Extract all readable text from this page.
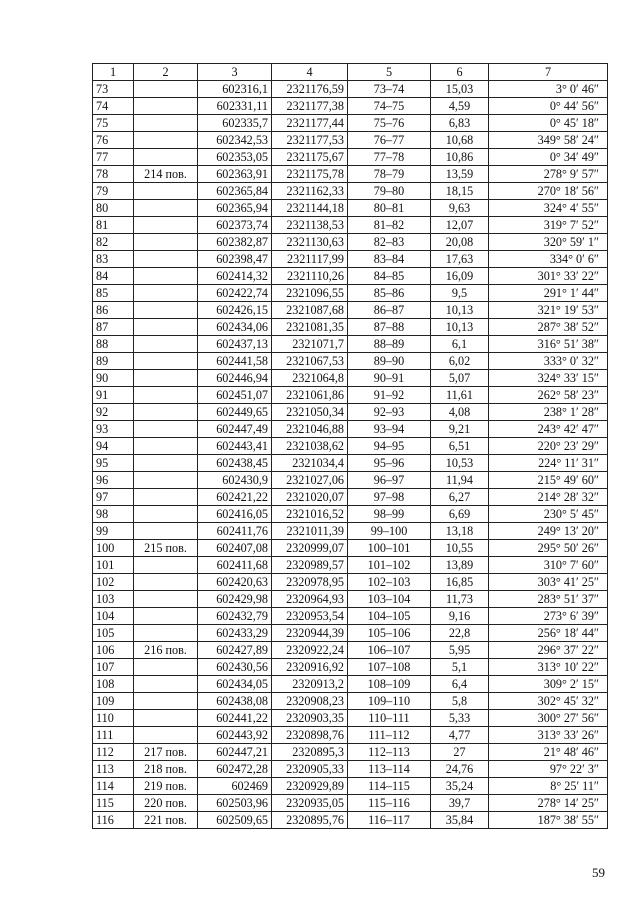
1	2	3	4	5	6	7
73		602316,1	2321176,59	73–74	15,03	3° 0′ 46″
74		602331,11	2321177,38	74–75	4,59	0° 44′ 56″
75		602335,7	2321177,44	75–76	6,83	0° 45′ 18″
76		602342,53	2321177,53	76–77	10,68	349° 58′ 24″
77		602353,05	2321175,67	77–78	10,86	0° 34′ 49″
78	214 пов.	602363,91	2321175,78	78–79	13,59	278° 9′ 57″
79		602365,84	2321162,33	79–80	18,15	270° 18′ 56″
80		602365,94	2321144,18	80–81	9,63	324° 4′ 55″
81		602373,74	2321138,53	81–82	12,07	319° 7′ 52″
82		602382,87	2321130,63	82–83	20,08	320° 59′ 1″
83		602398,47	2321117,99	83–84	17,63	334° 0′ 6″
84		602414,32	2321110,26	84–85	16,09	301° 33′ 22″
85		602422,74	2321096,55	85–86	9,5	291° 1′ 44″
86		602426,15	2321087,68	86–87	10,13	321° 19′ 53″
87		602434,06	2321081,35	87–88	10,13	287° 38′ 52″
88		602437,13	2321071,7	88–89	6,1	316° 51′ 38″
89		602441,58	2321067,53	89–90	6,02	333° 0′ 32″
90		602446,94	2321064,8	90–91	5,07	324° 33′ 15″
91		602451,07	2321061,86	91–92	11,61	262° 58′ 23″
92		602449,65	2321050,34	92–93	4,08	238° 1′ 28″
93		602447,49	2321046,88	93–94	9,21	243° 42′ 47″
94		602443,41	2321038,62	94–95	6,51	220° 23′ 29″
95		602438,45	2321034,4	95–96	10,53	224° 11′ 31″
96		602430,9	2321027,06	96–97	11,94	215° 49′ 60″
97		602421,22	2321020,07	97–98	6,27	214° 28′ 32″
98		602416,05	2321016,52	98–99	6,69	230° 5′ 45″
99		602411,76	2321011,39	99–100	13,18	249° 13′ 20″
100	215 пов.	602407,08	2320999,07	100–101	10,55	295° 50′ 26″
101		602411,68	2320989,57	101–102	13,89	310° 7′ 60″
102		602420,63	2320978,95	102–103	16,85	303° 41′ 25″
103		602429,98	2320964,93	103–104	11,73	283° 51′ 37″
104		602432,79	2320953,54	104–105	9,16	273° 6′ 39″
105		602433,29	2320944,39	105–106	22,8	256° 18′ 44″
106	216 пов.	602427,89	2320922,24	106–107	5,95	296° 37′ 22″
107		602430,56	2320916,92	107–108	5,1	313° 10′ 22″
108		602434,05	2320913,2	108–109	6,4	309° 2′ 15″
109		602438,08	2320908,23	109–110	5,8	302° 45′ 32″
110		602441,22	2320903,35	110–111	5,33	300° 27′ 56″
111		602443,92	2320898,76	111–112	4,77	313° 33′ 26″
112	217 пов.	602447,21	2320895,3	112–113	27	21° 48′ 46″
113	218 пов.	602472,28	2320905,33	113–114	24,76	97° 22′ 3″
114	219 пов.	602469	2320929,89	114–115	35,24	8° 25′ 11″
115	220 пов.	602503,96	2320935,05	115–116	39,7	278° 14′ 25″
116	221 пов.	602509,65	2320895,76	116–117	35,84	187° 38′ 55″
59
